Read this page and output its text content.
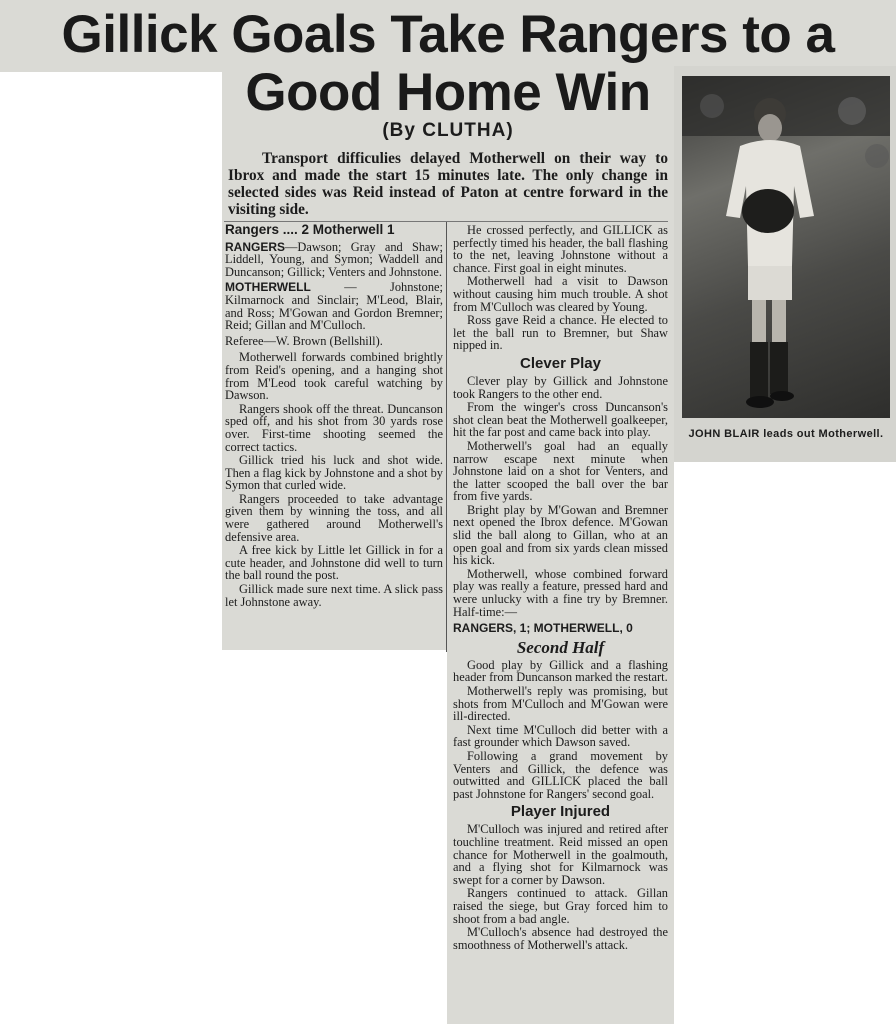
Gillick Goals Take Rangers to a
Good Home Win
(By CLUTHA)
Transport difficulies delayed Motherwell on their way to Ibrox and made the start 15 minutes late. The only change in selected sides was Reid instead of Paton at centre forward in the visiting side.

Rangers .... 2 Motherwell 1

RANGERS—Dawson; Gray and Shaw; Liddell, Young, and Symon; Waddell and Duncanson; Gillick; Venters and Johnstone.

MOTHERWELL — Johnstone; Kilmarnock and Sinclair; M'Leod, Blair, and Ross; M'Gowan and Gordon Bremner; Reid; Gillan and M'Culloch.

Referee—W. Brown (Bellshill).

Motherwell forwards combined brightly from Reid's opening, and a hanging shot from M'Leod took careful watching by Dawson.

Rangers shook off the threat. Duncanson sped off, and his shot from 30 yards rose over. First-time shooting seemed the correct tactics.

Gillick tried his luck and shot wide. Then a flag kick by Johnstone and a shot by Symon that curled wide.

Rangers proceeded to take advantage given them by winning the toss, and all were gathered around Motherwell's defensive area.

A free kick by Little let Gillick in for a cute header, and Johnstone did well to turn the ball round the post.

Gillick made sure next time. A slick pass let Johnstone away.

He crossed perfectly, and GILLICK as perfectly timed his header, the ball flashing to the net, leaving Johnstone without a chance. First goal in eight minutes.

Motherwell had a visit to Dawson without causing him much trouble. A shot from M'Culloch was cleared by Young.

Ross gave Reid a chance. He elected to let the ball run to Bremner, but Shaw nipped in.

Clever Play

Clever play by Gillick and Johnstone took Rangers to the other end.

From the winger's cross Duncanson's shot clean beat the Motherwell goalkeeper, hit the far post and came back into play.

Motherwell's goal had an equally narrow escape next minute when Johnstone laid on a shot for Venters, and the latter scooped the ball over the bar from five yards.

Bright play by M'Gowan and Bremner next opened the Ibrox defence. M'Gowan slid the ball along to Gillan, who at an open goal and from six yards clean missed his kick.

Motherwell, whose combined forward play was really a feature, pressed hard and were unlucky with a fine try by Bremner. Half-time:—

RANGERS, 1; MOTHERWELL, 0

Second Half

Good play by Gillick and a flashing header from Duncanson marked the restart.

Motherwell's reply was promising, but shots from M'Culloch and M'Gowan were ill-directed.

Next time M'Culloch did better with a fast grounder which Dawson saved.

Following a grand movement by Venters and Gillick, the defence was outwitted and GILLICK placed the ball past Johnstone for Rangers' second goal.

Player Injured

M'Culloch was injured and retired after touchline treatment. Reid missed an open chance for Motherwell in the goalmouth, and a flying shot for Kilmarnock was swept for a corner by Dawson.

Rangers continued to attack. Gillan raised the siege, but Gray forced him to shoot from a bad angle.

M'Culloch's absence had destroyed the smoothness of Motherwell's attack.

JOHN BLAIR leads out Motherwell.
